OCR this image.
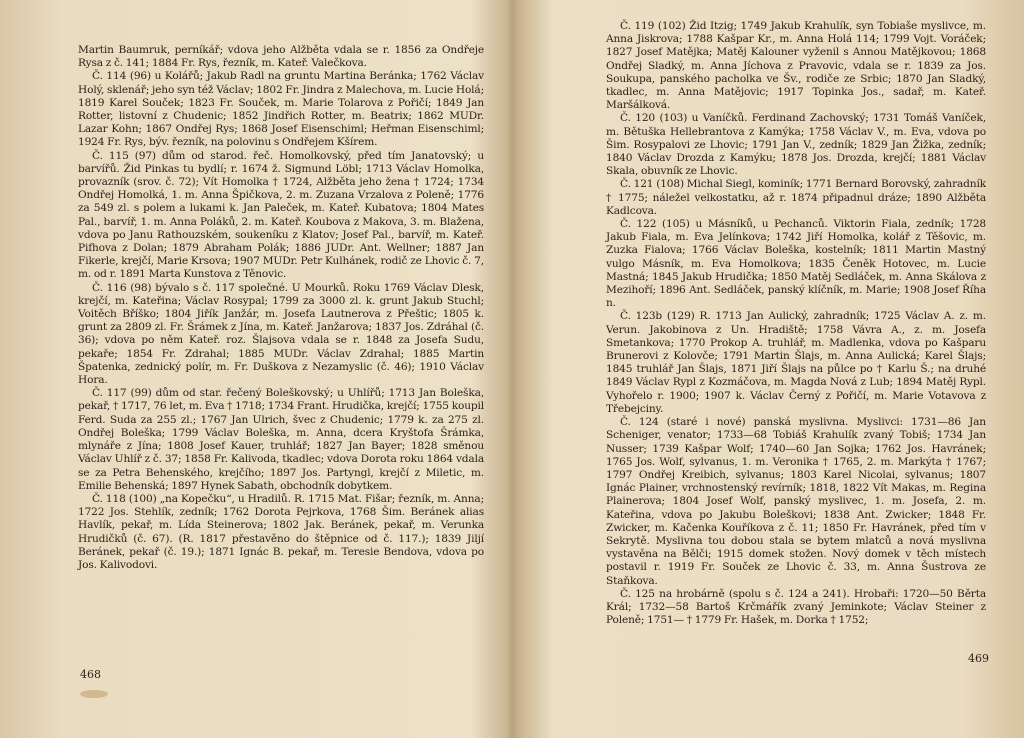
Martin Baumruk, perníkář; vdova jeho Alžběta vdala se r. 1856 za Ondřeje Rysa z č. 141; 1884 Fr. Rys, řezník, m. Kateř. Valečkova.

Č. 114 (96) u Kolářů; Jakub Radl na gruntu Martina Beránka; 1762 Václav Holý, sklenář; jeho syn též Václav; 1802 Fr. Jindra z Malechova, m. Lucie Holá; 1819 Karel Souček; 1823 Fr. Souček, m. Marie Tolarova z Pořičí; 1849 Jan Rotter, listovní z Chudenic; 1852 Jindřich Rotter, m. Beatrix; 1862 MUDr. Lazar Kohn; 1867 Ondřej Rys; 1868 Josef Eisenschiml; Heřman Eisenschiml; 1924 Fr. Rys, býv. řezník, na polovinu s Ondřejem Kšírem.

Č. 115 (97) dům od starod. řeč. Homolkovský, před tím Janatovský; u barvířů. Žid Pinkas tu bydlí; r. 1674 ž. Sigmund Löbl; 1713 Václav Homolka, provazník (srov. č. 72); Vít Homolka † 1724, Alžběta jeho žena † 1724; 1734 Ondřej Homolká, 1. m. Anna Špičkova, 2. m. Zuzana Vrzalova z Poleně; 1776 za 549 zl. s polem a lukami k. Jan Paleček, m. Kateř. Kubatova; 1804 Mates Pal., barvíř, 1. m. Anna Poláků, 2. m. Kateř. Koubova z Makova, 3. m. Blažena, vdova po Janu Rathouzském, soukeníku z Klatov; Josef Pal., barvíř, m. Kateř. Pifhova z Dolan; 1879 Abraham Polák; 1886 JUDr. Ant. Wellner; 1887 Jan Fikerle, krejčí, Marie Krsova; 1907 MUDr. Petr Kulhánek, rodič ze Lhovic č. 7, m. od r. 1891 Marta Kunstova z Těnovic.

Č. 116 (98) bývalo s č. 117 společné. U Mourků. Roku 1769 Václav Dlesk, krejčí, m. Kateřina; Václav Rosypal; 1799 za 3000 zl. k. grunt Jakub Stuchl; Voitěch Bříško; 1804 Jiřík Janžár, m. Josefa Lautnerova z Přeštic; 1805 k. grunt za 2809 zl. Fr. Šrámek z Jína, m. Kateř. Janžarova; 1837 Jos. Zdráhal (č. 36); vdova po něm Kateř. roz. Šlajsova vdala se r. 1848 za Josefa Sudu, pekaře; 1854 Fr. Zdrahal; 1885 MUDr. Václav Zdrahal; 1885 Martin Špatenka, zednický polír, m. Fr. Duškova z Nezamyslic (č. 46); 1910 Václav Hora.

Č. 117 (99) dům od star. řečený Boleškovský; u Uhlířů; 1713 Jan Boleška, pekař, † 1717, 76 let, m. Eva † 1718; 1734 Frant. Hrudička, krejčí; 1755 koupil Ferd. Suda za 255 zl.; 1767 Jan Ulrich, švec z Chudenic; 1779 k. za 275 zl. Ondřej Boleška; 1799 Václav Boleška, m. Anna, dcera Kryštofa Šrámka, mlynáře z Jína; 1808 Josef Kauer, truhlář; 1827 Jan Bayer; 1828 směnou Václav Uhlíř z č. 37; 1858 Fr. Kalivoda, tkadlec; vdova Dorota roku 1864 vdala se za Petra Behenského, krejčího; 1897 Jos. Partyngl, krejčí z Miletic, m. Emilie Behenská; 1897 Hynek Sabath, obchodník dobytkem.

Č. 118 (100) „na Kopečku“, u Hradilů. R. 1715 Mat. Fišar; řezník, m. Anna; 1722 Jos. Stehlík, zedník; 1762 Dorota Pejrkova, 1768 Šim. Beránek alias Havlík, pekař, m. Lída Steinerova; 1802 Jak. Beránek, pekař, m. Verunka Hrudičků (č. 67). (R. 1817 přestavěno do štěpnice od č. 117.); 1839 Jiljí Beránek, pekař (č. 19.); 1871 Ignác B. pekař, m. Teresie Bendova, vdova po Jos. Kalivodovi.

468

Č. 119 (102) Žid Itzig; 1749 Jakub Krahulík, syn Tobiaše myslivce, m. Anna Jiskrova; 1788 Kašpar Kr., m. Anna Holá 114; 1799 Vojt. Voráček; 1827 Josef Matějka; Matěj Kalouner vyženil s Annou Matějkovou; 1868 Ondřej Sladký, m. Anna Jíchova z Pravovic, vdala se r. 1839 za Jos. Soukupa, panského pacholka ve Šv., rodiče ze Srbic; 1870 Jan Sladký, tkadlec, m. Anna Matějovic; 1917 Topinka Jos., sadař, m. Kateř. Maršálková.

Č. 120 (103) u Vaníčků. Ferdinand Zachovský; 1731 Tomáš Vaníček, m. Bětuška Hellebrantova z Kamýka; 1758 Václav V., m. Eva, vdova po Šim. Rosypalovi ze Lhovic; 1791 Jan V., zedník; 1829 Jan Žižka, zedník; 1840 Václav Drozda z Kamýku; 1878 Jos. Drozda, krejčí; 1881 Václav Skala, obuvník ze Lhovic.

Č. 121 (108) Michal Siegl, kominík; 1771 Bernard Borovský, zahradník † 1775; náležel velkostatku, až r. 1874 připadnul dráze; 1890 Alžběta Kadlcova.

Č. 122 (105) u Másníků, u Pechanců. Viktorin Fiala, zedník; 1728 Jakub Fiala, m. Eva Jelínkova; 1742 Jiří Homolka, kolář z Těšovic, m. Zuzka Fialova; 1766 Václav Boleška, kostelník; 1811 Martin Mastný vulgo Másník, m. Eva Homolkova; 1835 Čeněk Hotovec, m. Lucie Mastná; 1845 Jakub Hrudička; 1850 Matěj Sedláček, m. Anna Skálova z Mezihoří; 1896 Ant. Sedláček, panský klíčník, m. Marie; 1908 Josef Říha n.

Č. 123b (129) R. 1713 Jan Aulický, zahradník; 1725 Václav A. z. m. Verun. Jakobinova z Un. Hradiště; 1758 Vávra A., z. m. Josefa Smetankova; 1770 Prokop A. truhlář, m. Madlenka, vdova po Kašparu Brunerovi z Kolovče; 1791 Martin Šlajs, m. Anna Aulická; Karel Šlajs; 1845 truhlář Jan Šlajs, 1871 Jiří Šlajs na půlce po † Karlu Š.; na druhé 1849 Václav Rypl z Kozmáčova, m. Magda Nová z Lub; 1894 Matěj Rypl. Vyhořelo r. 1900; 1907 k. Václav Černý z Pořičí, m. Marie Votavova z Třebejciny.

Č. 124 (staré i nové) panská myslivna. Myslivci: 1731—86 Jan Scheniger, venator; 1733—68 Tobiáš Krahulík zvaný Tobiš; 1734 Jan Nusser; 1739 Kašpar Wolf; 1740—60 Jan Sojka; 1762 Jos. Havránek; 1765 Jos. Wolf, sylvanus, 1. m. Veronika † 1765, 2. m. Markýta † 1767; 1797 Ondřej Kreibich, sylvanus; 1803 Karel Nicolai, sylvanus; 1807 Ignác Plainer, vrchnostenský revírník; 1818, 1822 Vít Makas, m. Regina Plainerova; 1804 Josef Wolf, panský myslivec, 1. m. Josefa, 2. m. Kateřina, vdova po Jakubu Boleškovi; 1838 Ant. Zwicker; 1848 Fr. Zwicker, m. Kačenka Kouříkova z č. 11; 1850 Fr. Havránek, před tím v Sekrytě. Myslivna tou dobou stala se bytem mlatců a nová myslivna vystavěna na Bělči; 1915 domek stožen. Nový domek v těch místech postavil r. 1919 Fr. Souček ze Lhovic č. 33, m. Anna Šustrova ze Staňkova.

Č. 125 na hrobárně (spolu s č. 124 a 241). Hrobaři: 1720—50 Běrta Král; 1732—58 Bartoš Krčmářík zvaný Jeminkote; Václav Steiner z Poleně; 1751— † 1779 Fr. Hašek, m. Dorka † 1752;

469
